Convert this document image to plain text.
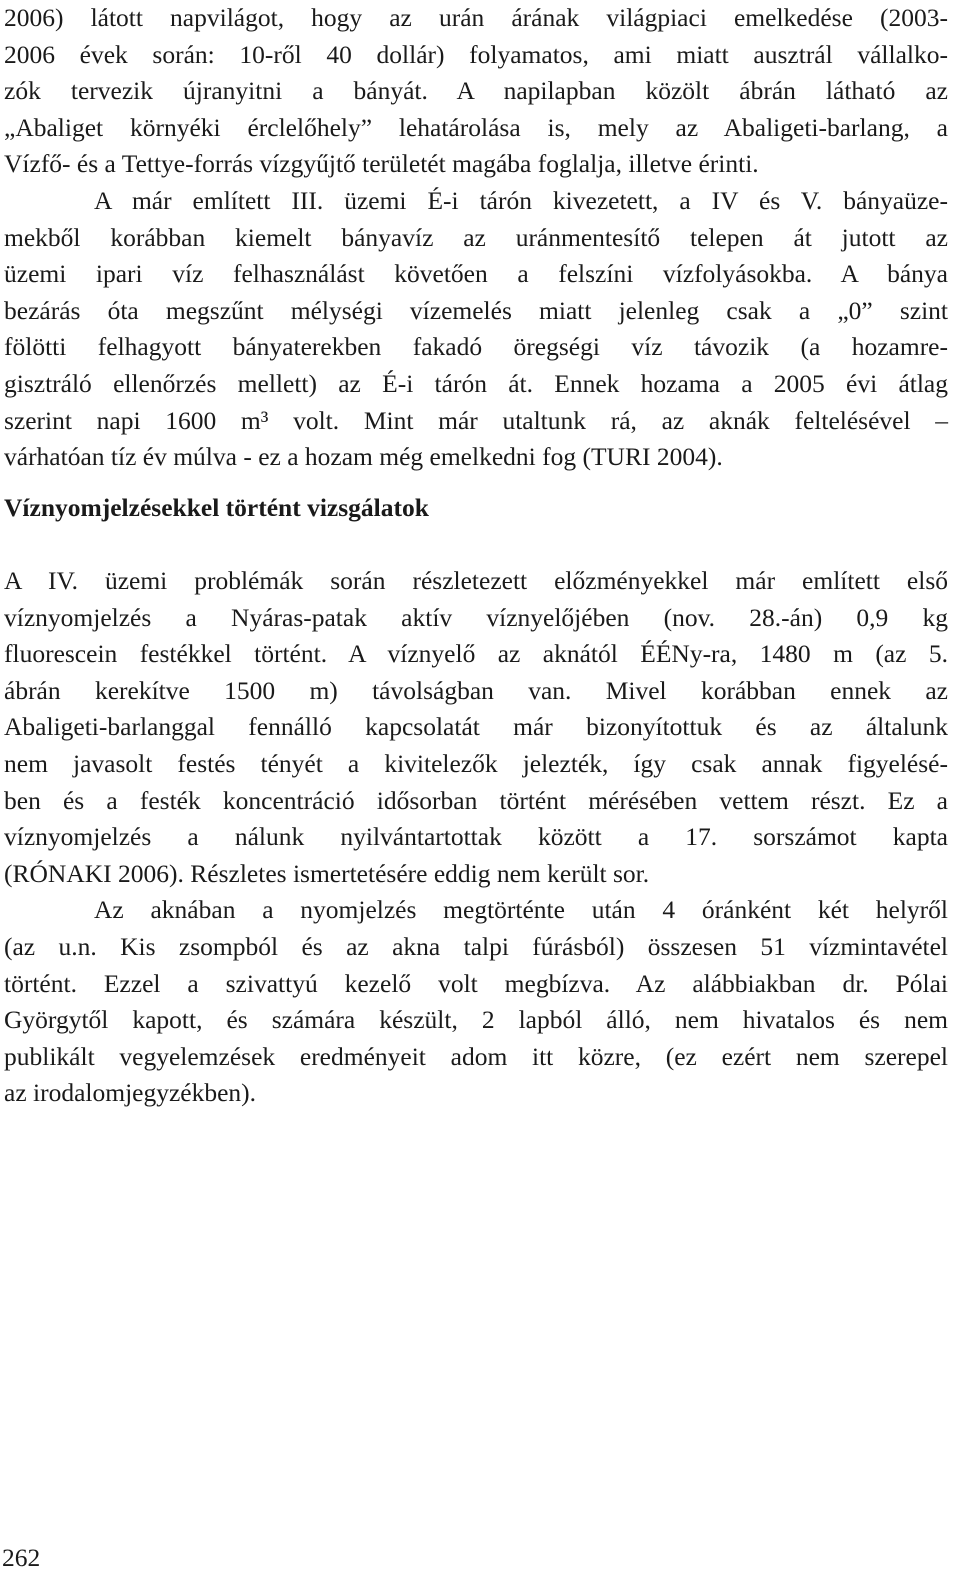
2006) látott napvilágot, hogy az urán árának világpiaci emelkedése (2003-
2006 évek során: 10-ről 40 dollár) folyamatos, ami miatt ausztrál vállalko-
zók tervezik újranyitni a bányát. A napilapban közölt ábrán látható az
„Abaliget környéki érclelőhely” lehatárolása is, mely az Abaligeti-barlang, a
Vízfő- és a Tettye-forrás vízgyűjtő területét magába foglalja, illetve érinti.
A már említett III. üzemi É-i tárón kivezetett, a IV és V. bányaüze-
mekből korábban kiemelt bányavíz az uránmentesítő telepen át jutott az
üzemi ipari víz felhasználást követően a felszíni vízfolyásokba. A bánya
bezárás óta megszűnt mélységi vízemelés miatt jelenleg csak a „0” szint
fölötti felhagyott bányaterekben fakadó öregségi víz távozik (a hozamre-
gisztráló ellenőrzés mellett) az É-i tárón át. Ennek hozama a 2005 évi átlag
szerint napi 1600 m³ volt. Mint már utaltunk rá, az aknák feltelésével –
várhatóan tíz év múlva - ez a hozam még emelkedni fog (TURI 2004).
Víznyomjelzésekkel történt vizsgálatok
A IV. üzemi problémák során részletezett előzményekkel már említett első
víznyomjelzés a Nyáras-patak aktív víznyelőjében (nov. 28.-án) 0,9 kg
fluorescein festékkel történt. A víznyelő az aknától ÉÉNy-ra, 1480 m (az 5.
ábrán kerekítve 1500 m) távolságban van. Mivel korábban ennek az
Abaligeti-barlanggal fennálló kapcsolatát már bizonyítottuk és az általunk
nem javasolt festés tényét a kivitelezők jelezték, így csak annak figyelésé-
ben és a festék koncentráció idősorban történt mérésében vettem részt. Ez a
víznyomjelzés a nálunk nyilvántartottak között a 17. sorszámot kapta
(RÓNAKI 2006). Részletes ismertetésére eddig nem került sor.
Az aknában a nyomjelzés megtörténte után 4 óránként két helyről
(az u.n. Kis zsompból és az akna talpi fúrásból) összesen 51 vízmintavétel
történt. Ezzel a szivattyú kezelő volt megbízva. Az alábbiakban dr. Pólai
Györgytől kapott, és számára készült, 2 lapból álló, nem hivatalos és nem
publikált vegyelemzések eredményeit adom itt közre, (ez ezért nem szerepel
az irodalomjegyzékben).
262
